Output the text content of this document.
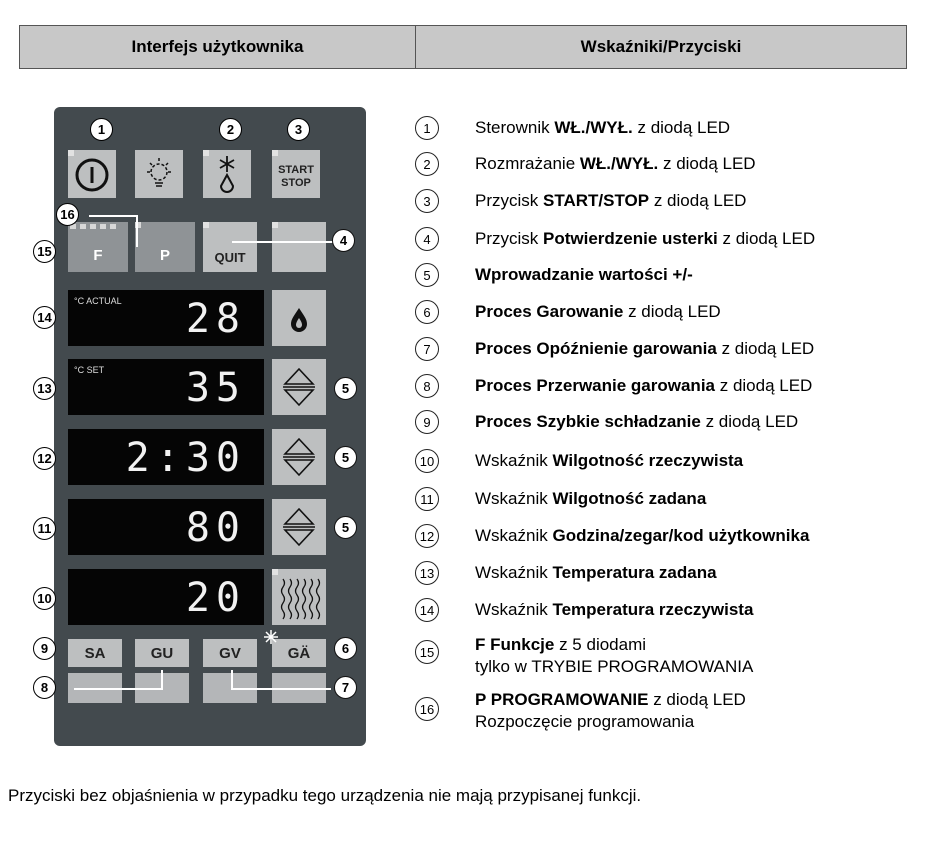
Interfejs użytkownika	Wskaźniki/Przyciski
START
STOP
F	P	QUIT
°C ACTUAL 28
°C SET 35
2:30
80
20
SA	GU	GV	GÄ
1	2	3
16
15
4
14
13	5
12	5
11	5
10
9	6
8	7
1	Sterownik WŁ./WYŁ. z diodą LED
2	Rozmrażanie WŁ./WYŁ. z diodą LED
3	Przycisk START/STOP z diodą LED
4	Przycisk Potwierdzenie usterki z diodą LED
5	Wprowadzanie wartości +/-
6	Proces Garowanie z diodą LED
7	Proces Opóźnienie garowania z diodą LED
8	Proces Przerwanie garowania z diodą LED
9	Proces Szybkie schładzanie z diodą LED
10 Wskaźnik Wilgotność rzeczywista
11	Wskaźnik Wilgotność zadana
12 Wskaźnik Godzina/zegar/kod użytkownika
13 Wskaźnik Temperatura zadana
14 Wskaźnik Temperatura rzeczywista
15 F Funkcje z 5 diodami
tylko w TRYBIE PROGRAMOWANIA
16 P PROGRAMOWANIE z diodą LED
Rozpoczęcie programowania
Przyciski bez objaśnienia w przypadku tego urządzenia nie mają przypisanej funkcji.
